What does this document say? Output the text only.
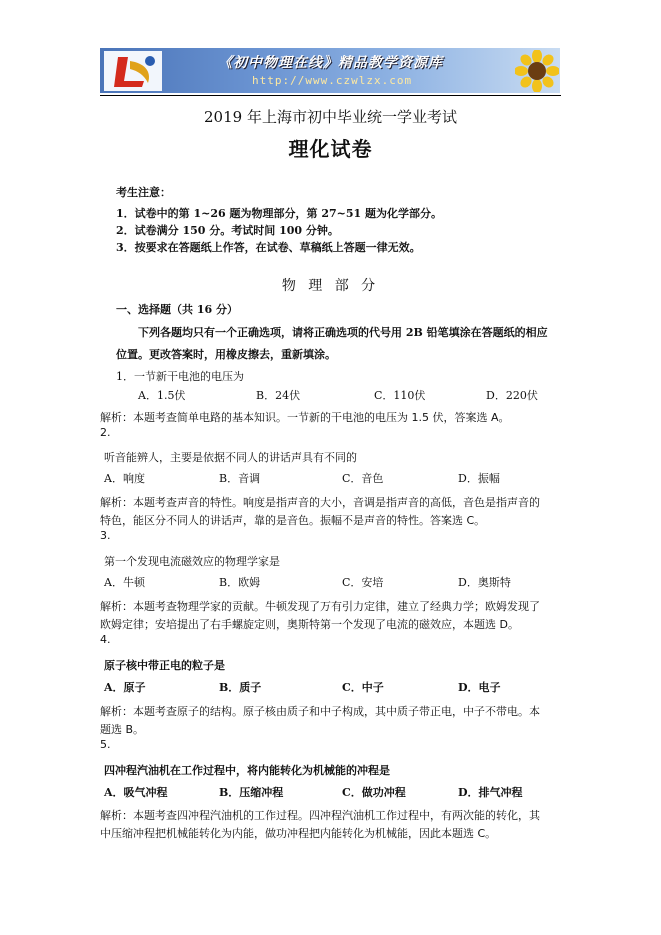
《初中物理在线》精品教学资源库
http://www.czwlzx.com
2019 年上海市初中毕业统一学业考试
理化试卷
考生注意：
1．试卷中的第 1~26 题为物理部分，第 27~51 题为化学部分。
2．试卷满分 150 分。考试时间 100 分钟。
3．按要求在答题纸上作答，在试卷、草稿纸上答题一律无效。
物 理 部 分
一、选择题（共 16 分）
下列各题均只有一个正确选项，请将正确选项的代号用 2B 铅笔填涂在答题纸的相应
位置。更改答案时，用橡皮擦去，重新填涂。
1．一节新干电池的电压为
A．1.5伏	B．24伏	C．110伏	D．220伏
解析：本题考查简单电路的基本知识。一节新的干电池的电压为 1.5 伏，答案选 A。
2.
听音能辨人，主要是依据不同人的讲话声具有不同的
A．响度	B．音调	C．音色	D．振幅
解析：本题考查声音的特性。响度是指声音的大小，音调是指声音的高低，音色是指声音的
特色，能区分不同人的讲话声，靠的是音色。振幅不是声音的特性。答案选 C。
3.
第一个发现电流磁效应的物理学家是
A．牛顿	B．欧姆	C．安培	D．奥斯特
解析：本题考查物理学家的贡献。牛顿发现了万有引力定律，建立了经典力学；欧姆发现了
欧姆定律；安培提出了右手螺旋定则，奥斯特第一个发现了电流的磁效应，本题选 D。
4.
原子核中带正电的粒子是
A．原子	B．质子	C．中子	D．电子
解析：本题考查原子的结构。原子核由质子和中子构成，其中质子带正电，中子不带电。本
题选 B。
5.
四冲程汽油机在工作过程中，将内能转化为机械能的冲程是
A．吸气冲程	B．压缩冲程	C．做功冲程	D．排气冲程
解析：本题考查四冲程汽油机的工作过程。四冲程汽油机工作过程中，有两次能的转化，其
中压缩冲程把机械能转化为内能，做功冲程把内能转化为机械能，因此本题选 C。
